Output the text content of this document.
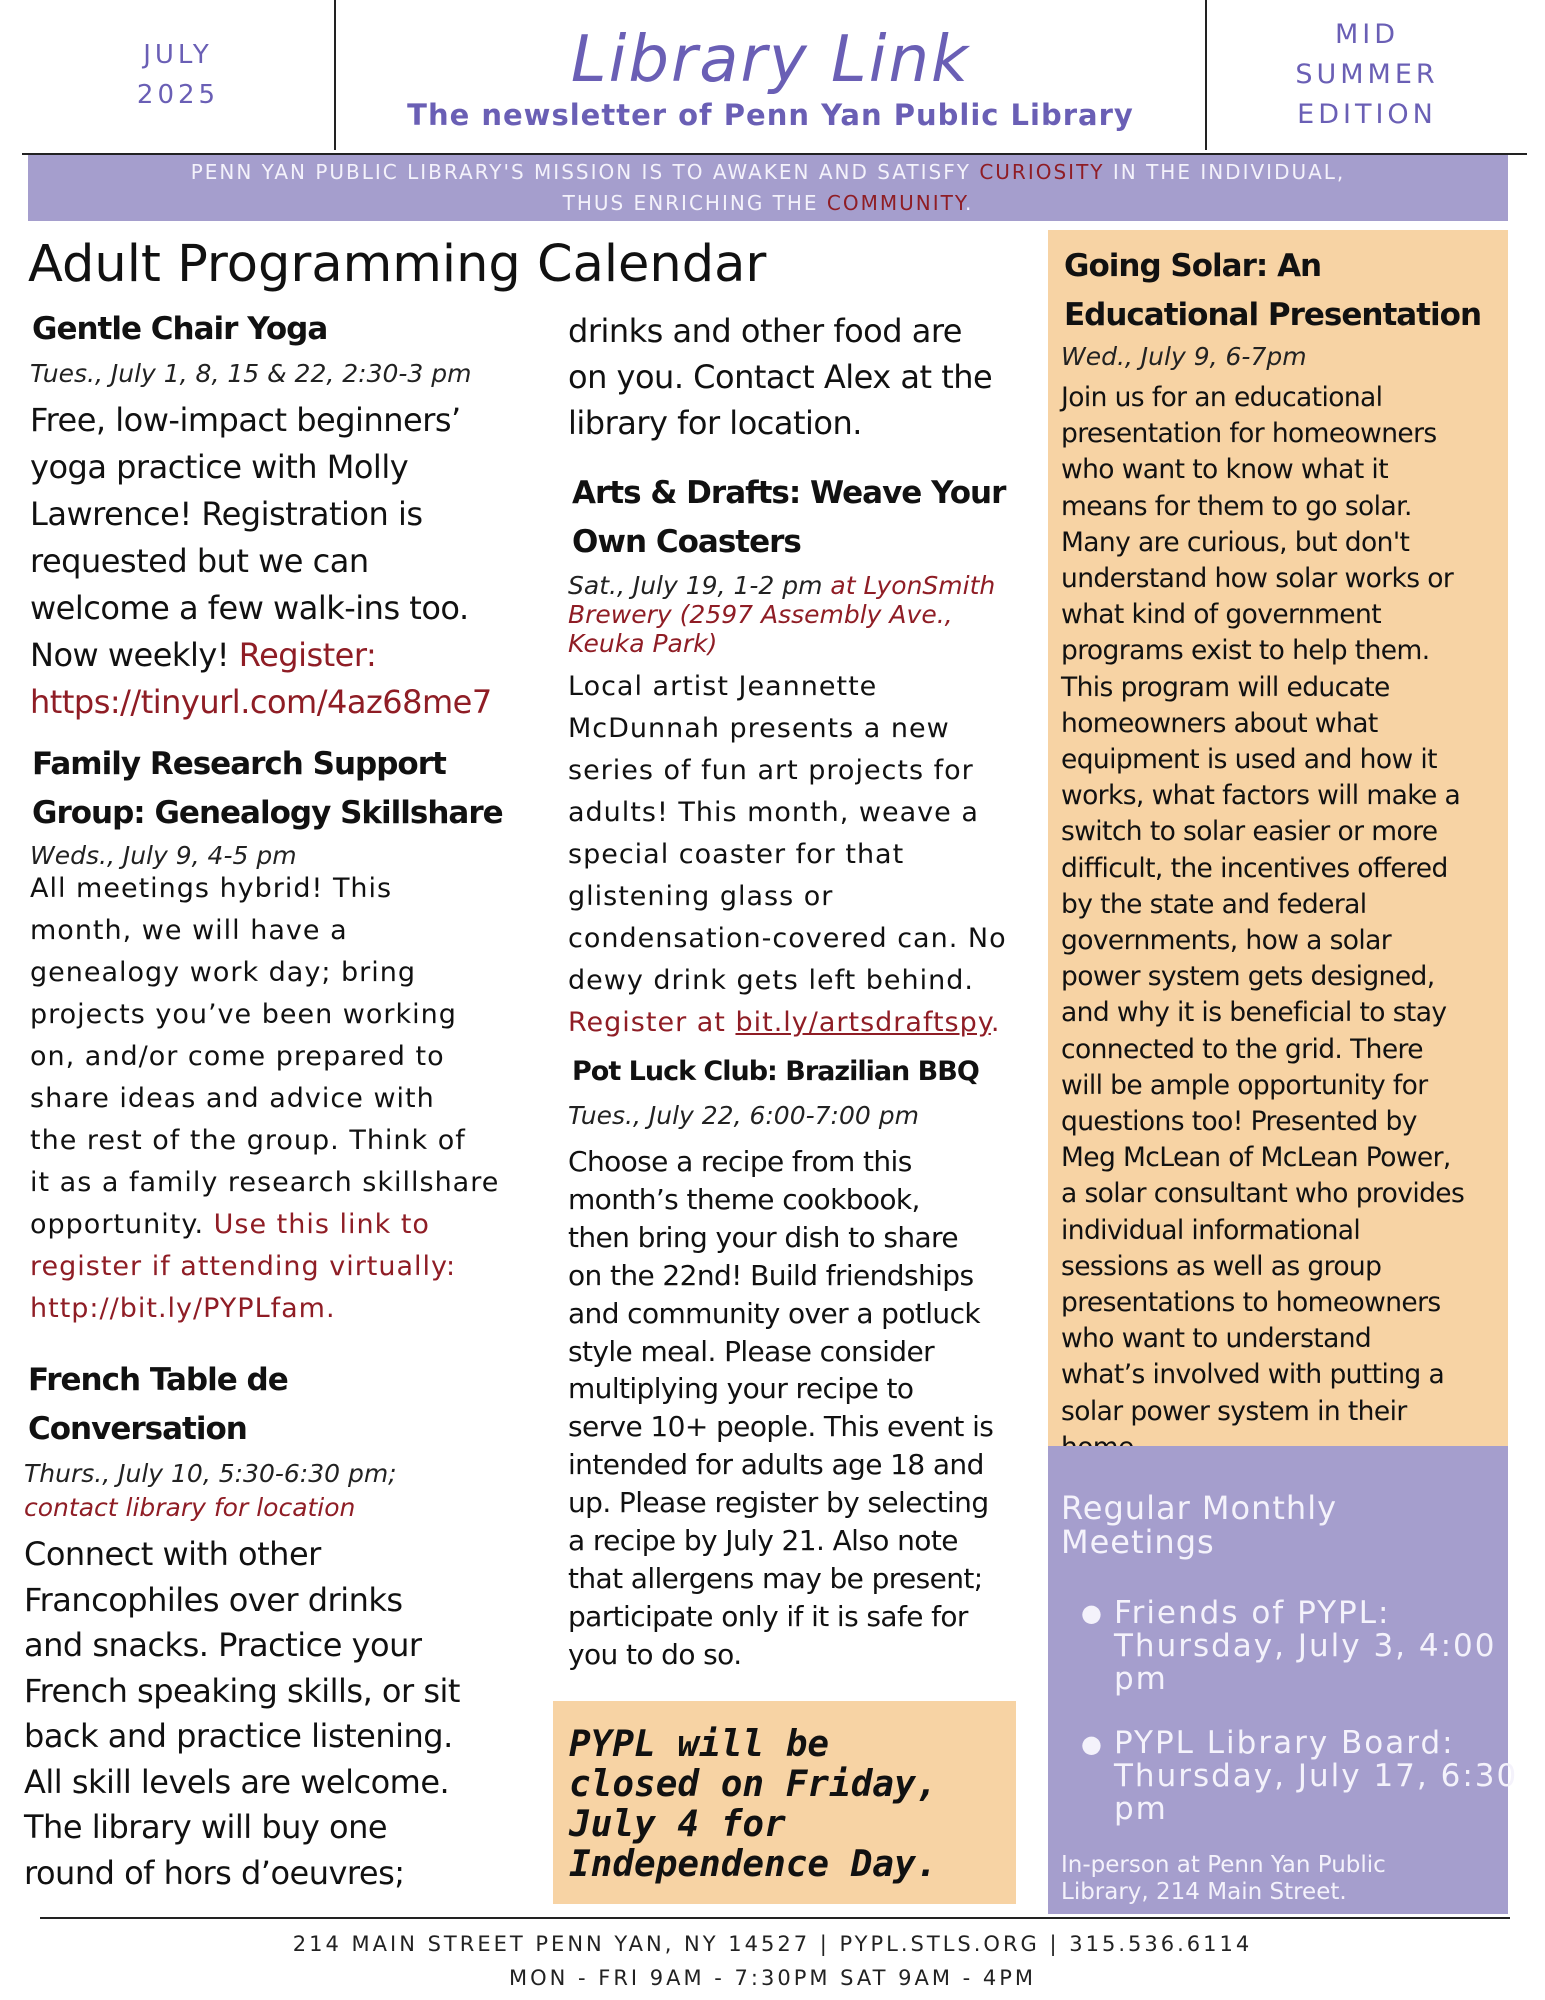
JULY
2025	Library Link
The newsletter of Penn Yan Public Library
MID
SUMMER
EDITION
PENN YAN PUBLIC LIBRARY'S MISSION IS TO AWAKEN AND SATISFY CURIOSITY IN THE INDIVIDUAL,
THUS ENRICHING THE COMMUNITY.
Adult Programming Calendar
Gentle Chair Yoga
Tues., July 1, 8, 15 & 22, 2:30-3 pm
Free, low-impact beginners’
yoga practice with Molly
Lawrence! Registration is
requested but we can
welcome a few walk-ins too.
Now weekly! Register:
https://tinyurl.com/4az68me7
Family Research Support
Group: Genealogy Skillshare
Weds., July 9, 4-5 pm
All meetings hybrid! This
month, we will have a
genealogy work day; bring
projects you’ve been working
on, and/or come prepared to
share ideas and advice with
the rest of the group. Think of
it as a family research skillshare
opportunity. Use this link to
register if attending virtually:
http://bit.ly/PYPLfam.
French Table de
Conversation
Thurs., July 10, 5:30-6:30 pm;
contact library for location
Connect with other
Francophiles over drinks
and snacks. Practice your
French speaking skills, or sit
back and practice listening.
All skill levels are welcome.
The library will buy one
round of hors d’oeuvres;
drinks and other food are
on you. Contact Alex at the
library for location.
Arts & Drafts: Weave Your
Own Coasters
Sat., July 19, 1-2 pm at LyonSmith
Brewery (2597 Assembly Ave.,
Keuka Park)
Local artist Jeannette
McDunnah presents a new
series of fun art projects for
adults! This month, weave a
special coaster for that
glistening glass or
condensation-covered can. No
dewy drink gets left behind.
Register at bit.ly/artsdraftspy.
Pot Luck Club: Brazilian BBQ
Tues., July 22, 6:00-7:00 pm
Choose a recipe from this
month’s theme cookbook,
then bring your dish to share
on the 22nd! Build friendships
and community over a potluck
style meal. Please consider
multiplying your recipe to
serve 10+ people. This event is
intended for adults age 18 and
up. Please register by selecting
a recipe by July 21. Also note
that allergens may be present;
participate only if it is safe for
you to do so.
PYPL will be
closed on Friday,
July 4 for
Independence Day.
Going Solar: An
Educational Presentation
Wed., July 9, 6-7pm
Join us for an educational
presentation for homeowners
who want to know what it
means for them to go solar.
Many are curious, but don't
understand how solar works or
what kind of government
programs exist to help them.
This program will educate
homeowners about what
equipment is used and how it
works, what factors will make a
switch to solar easier or more
difficult, the incentives offered
by the state and federal
governments, how a solar
power system gets designed,
and why it is beneficial to stay
connected to the grid. There
will be ample opportunity for
questions too! Presented by
Meg McLean of McLean Power,
a solar consultant who provides
individual informational
sessions as well as group
presentations to homeowners
who want to understand
what’s involved with putting a
solar power system in their
Regular Monthly
Meetings
● Friends of PYPL:
Thursday, July 3, 4:00
pm
● PYPL Library Board:
Thursday, July 17, 6:30
pm
In-person at Penn Yan Public
Library, 214 Main Street.
214 MAIN STREET PENN YAN, NY 14527 | PYPL.STLS.ORG | 315.536.6114
MON - FRI 9AM - 7:30PM SAT 9AM - 4PM
